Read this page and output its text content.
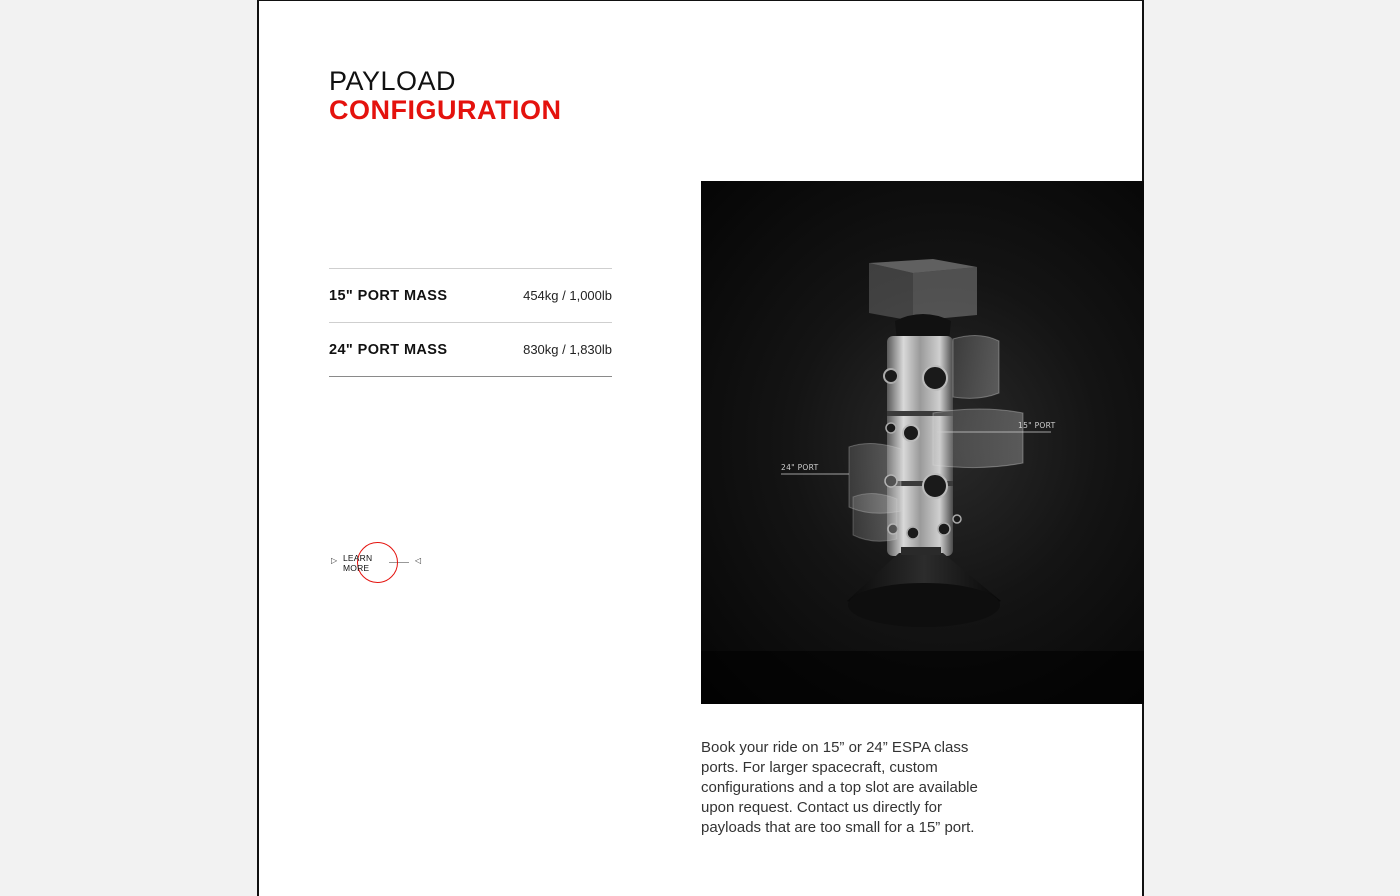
PAYLOAD
CONFIGURATION
15" PORT MASS	454kg / 1,000lb
24" PORT MASS	830kg / 1,830lb
▷ LEARN
MORE
◁
15" PORT
24" PORT

Book your ride on 15” or 24” ESPA class ports. For larger spacecraft, custom configurations and a top slot are available upon request. Contact us directly for payloads that are too small for a 15” port.
